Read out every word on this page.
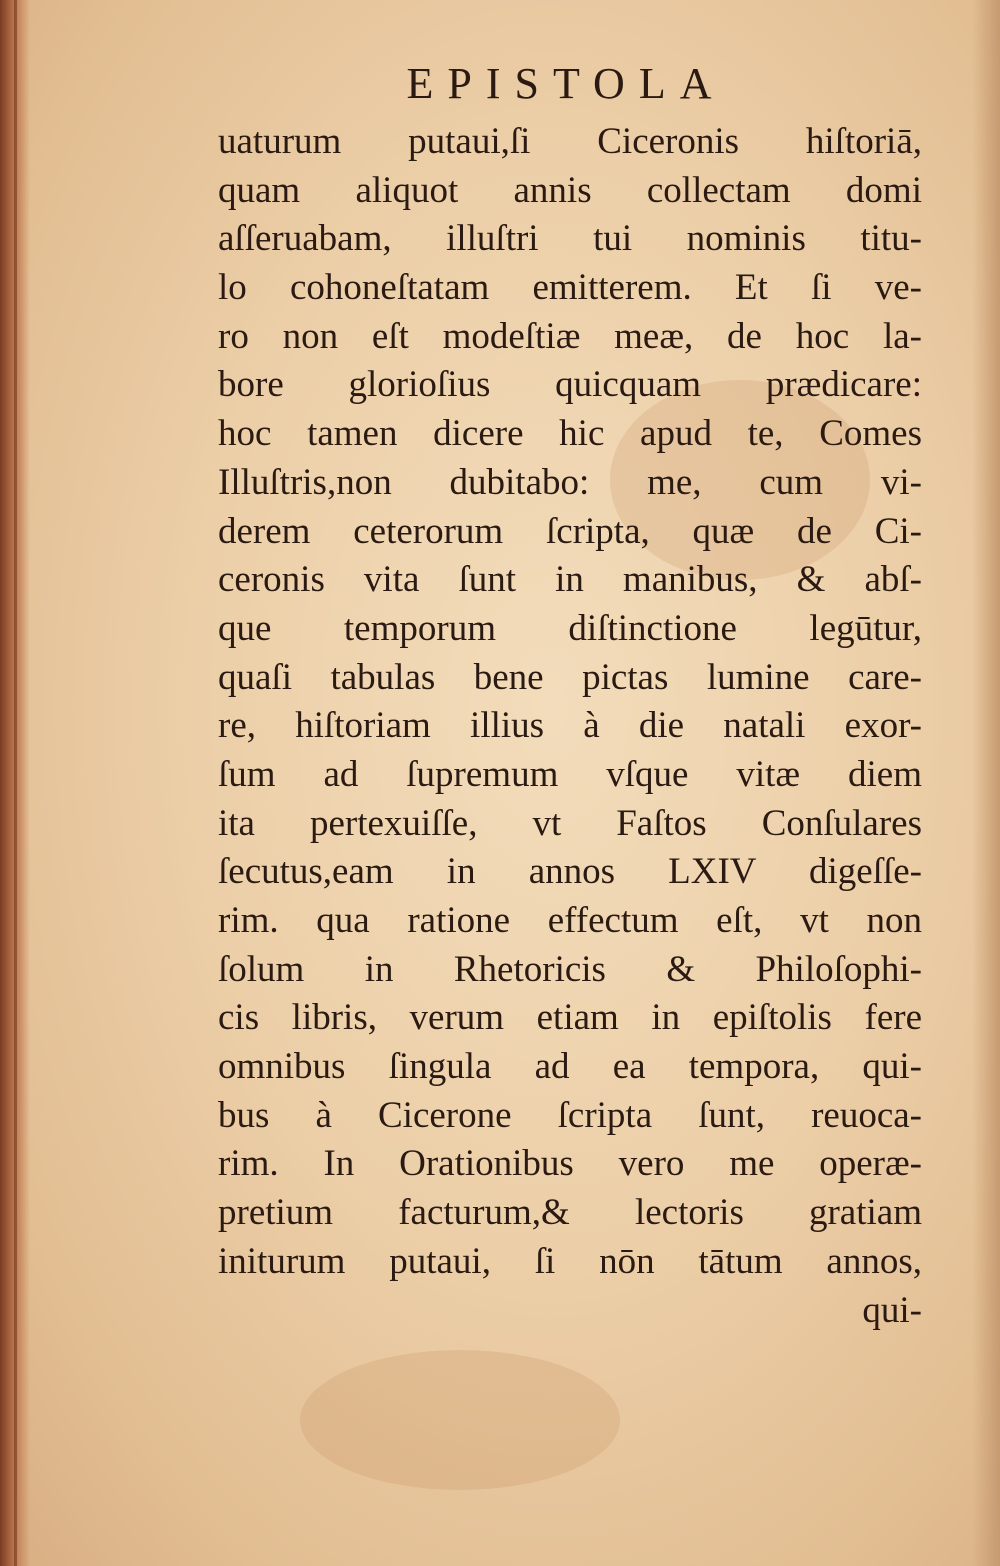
EPISTOLA
uaturum putaui,ſi Ciceronis hiſtoriā,
quam aliquot annis collectam domi
aſſeruabam, illuſtri tui nominis titu-
lo cohoneſtatam emitterem. Et ſi ve-
ro non eſt modeſtiæ meæ, de hoc la-
bore glorioſius quicquam prædicare:
hoc tamen dicere hic apud te, Comes
Illuſtris,non dubitabo: me, cum vi-
derem ceterorum ſcripta, quæ de Ci-
ceronis vita ſunt in manibus, & abſ-
que temporum diſtinctione legūtur,
quaſi tabulas bene pictas lumine care-
re, hiſtoriam illius à die natali exor-
ſum ad ſupremum vſque vitæ diem
ita pertexuiſſe, vt Faſtos Conſulares
ſecutus,eam in annos LXIV digeſſe-
rim. qua ratione effectum eſt, vt non
ſolum in Rhetoricis & Philoſophi-
cis libris, verum etiam in epiſtolis fere
omnibus ſingula ad ea tempora, qui-
bus à Cicerone ſcripta ſunt, reuoca-
rim. In Orationibus vero me operæ-
pretium facturum,& lectoris gratiam
initurum putaui, ſi nōn tātum annos,
qui-
